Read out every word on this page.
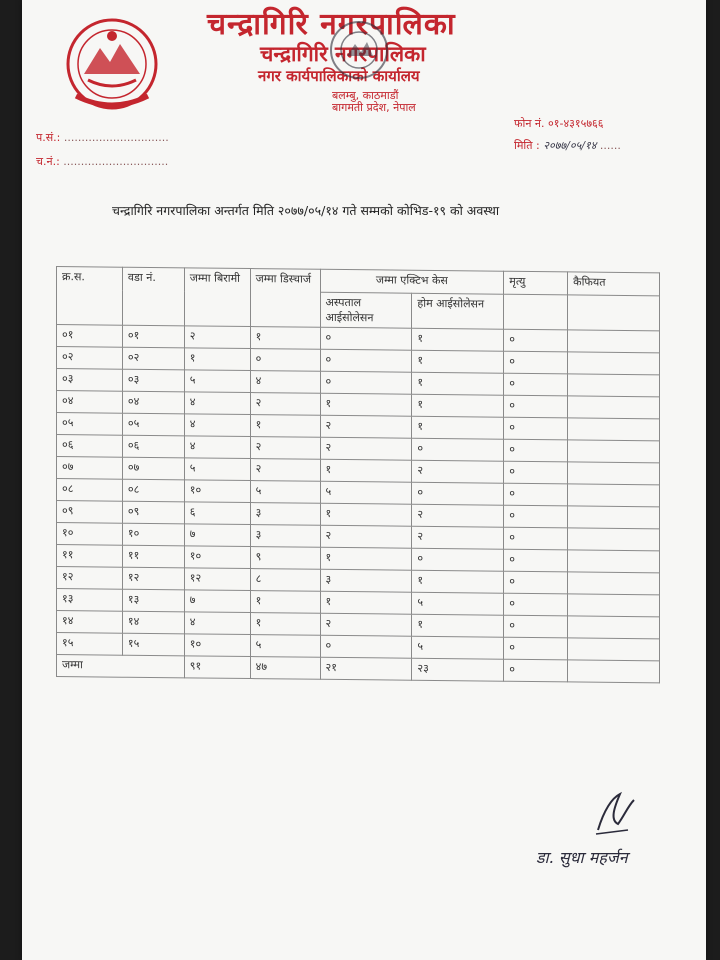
चन्द्रागिरि नगरपालिका
चन्द्रागिरि नगरपालिका
नगर कार्यपालिकाको कार्यालय
बलम्बु, काठमाडौं
बागमती प्रदेश, नेपाल
प.सं.: ..............................
च.नं.: ..............................
फोन नं. ०१-४३१५७६६
मिति : २०७७/०५/१४ ......
चन्द्रागिरि नगरपालिका अन्तर्गत मिति २०७७/०५/१४ गते सम्मको कोभिड-१९ को अवस्था
क्र.स.	वडा नं.	जम्मा बिरामी	जम्मा डिस्चार्ज	जम्मा एक्टिभ केस		मृत्यु	कैफियत
				अस्पताल आईसोलेसन	होम आईसोलेसन		
०१	०१	२	१	०	१	०	
०२	०२	१	०	०	१	०	
०३	०३	५	४	०	१	०	
०४	०४	४	२	१	१	०	
०५	०५	४	१	२	१	०	
०६	०६	४	२	२	०	०	
०७	०७	५	२	१	२	०	
०८	०८	१०	५	५	०	०	
०९	०९	६	३	१	२	०	
१०	१०	७	३	२	२	०	
११	११	१०	९	१	०	०	
१२	१२	१२	८	३	१	०	
१३	१३	७	१	१	५	०	
१४	१४	४	१	२	१	०	
१५	१५	१०	५	०	५	०	
जम्मा		९१	४७	२१	२३	०	
डा. सुधा महर्जन
